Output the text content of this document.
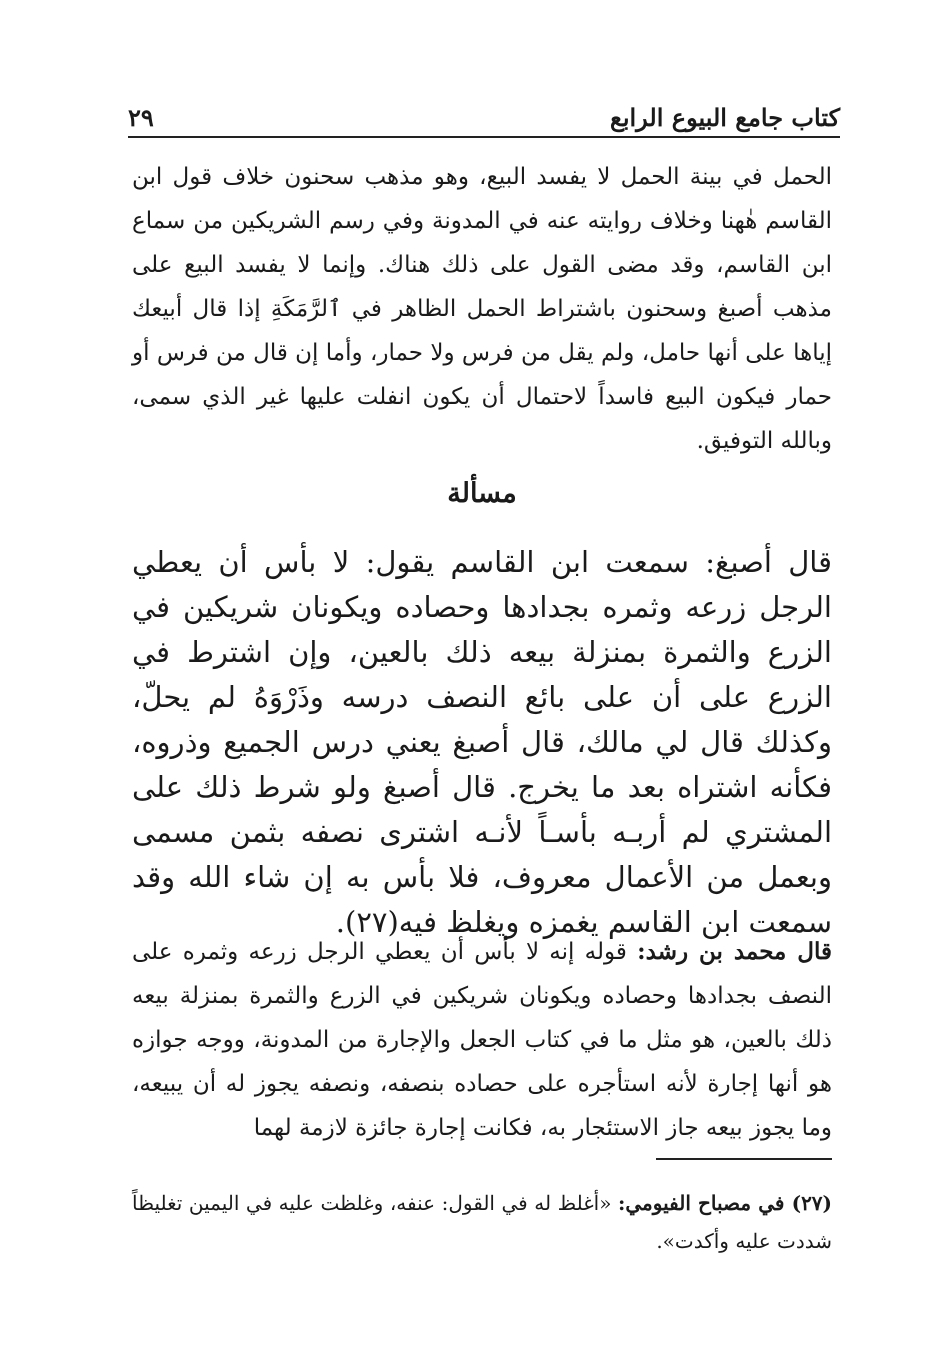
٢٩	كتاب جامع البيوع الرابع

الحمل في بينة الحمل لا يفسد البيع، وهو مذهب سحنون خلاف قول ابن القاسم هٰهنا وخلاف روايته عنه في المدونة وفي رسم الشريكين من سماع ابن القاسم، وقد مضى القول على ذلك هناك. وإنما لا يفسد البيع على مذهب أصبغ وسحنون باشتراط الحمل الظاهر في ٱلرَّمَكَةِ إذا قال أبيعك إياها على أنها حامل، ولم يقل من فرس ولا حمار، وأما إن قال من فرس أو حمار فيكون البيع فاسداً لاحتمال أن يكون انفلت عليها غير الذي سمى، وبالله التوفيق.

مسألة

قال أصبغ: سمعت ابن القاسم يقول: لا بأس أن يعطي الرجل زرعه وثمره بجدادها وحصاده ويكونان شريكين في الزرع والثمرة بمنزلة بيعه ذلك بالعين، وإن اشترط في الزرع على أن على بائع النصف درسه وذَرْوَهُ لم يحلّ، وكذلك قال لي مالك، قال أصبغ يعني درس الجميع وذروه، فكأنه اشتراه بعد ما يخرج. قال أصبغ ولو شرط ذلك على المشتري لم أربـه بأسـاً لأنـه اشترى نصفه بثمن مسمى وبعمل من الأعمال معروف، فلا بأس به إن شاء الله وقد سمعت ابن القاسم يغمزه ويغلظ فيه(٢٧).

قال محمد بن رشد: قوله إنه لا بأس أن يعطي الرجل زرعه وثمره على النصف بجدادها وحصاده ويكونان شريكين في الزرع والثمرة بمنزلة بيعه ذلك بالعين، هو مثل ما في كتاب الجعل والإجارة من المدونة، ووجه جوازه هو أنها إجارة لأنه استأجره على حصاده بنصفه، ونصفه يجوز له أن يبيعه، وما يجوز بيعه جاز الاستئجار به، فكانت إجارة جائزة لازمة لهما

(٢٧) في مصباح الفيومي: «أغلظ له في القول: عنفه، وغلظت عليه في اليمين تغليظاً شددت عليه وأكدت».
